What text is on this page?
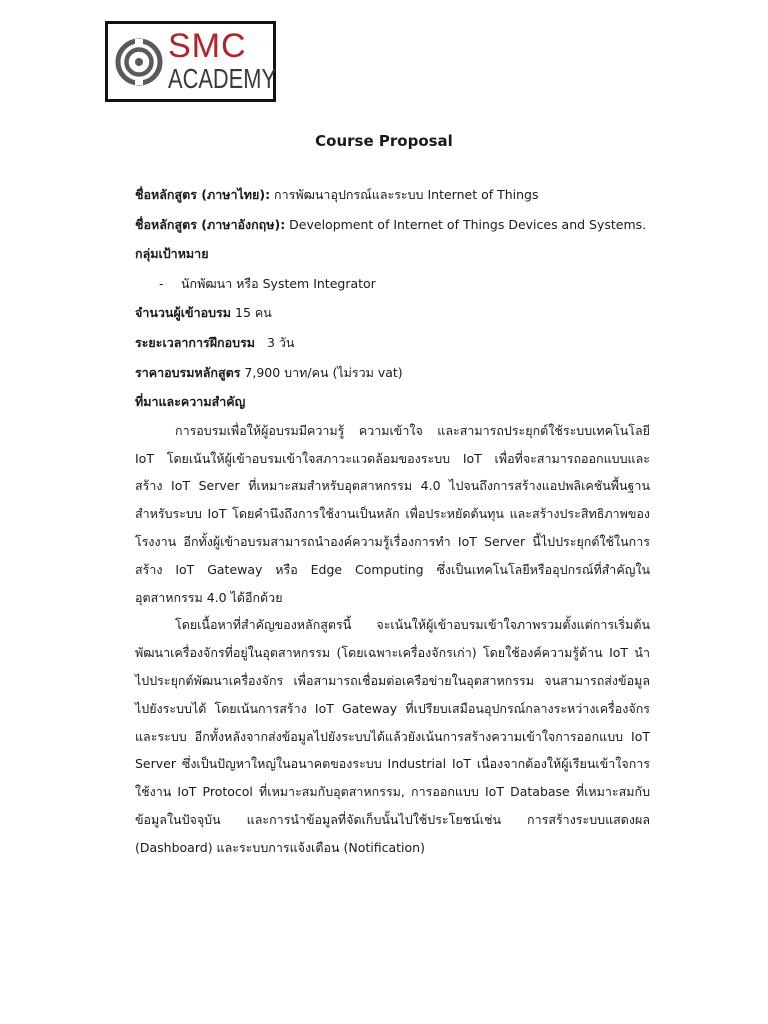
SMC
ACADEMY
Course Proposal

ชื่อหลักสูตร (ภาษาไทย): การพัฒนาอุปกรณ์และระบบ Internet of Things

ชื่อหลักสูตร (ภาษาอังกฤษ): Development of Internet of Things Devices and Systems.

กลุ่มเป้าหมาย

- นักพัฒนา หรือ System Integrator

จำนวนผู้เข้าอบรม 15 คน

ระยะเวลาการฝึกอบรม   3 วัน

ราคาอบรมหลักสูตร 7,900 บาท/คน (ไม่รวม vat)

ที่มาและความสำคัญ

การอบรมเพื่อให้ผู้อบรมมีความรู้ ความเข้าใจ และสามารถประยุกต์ใช้ระบบเทคโนโลยี IoT โดยเน้นให้ผู้เข้าอบรมเข้าใจสภาวะแวดล้อมของระบบ IoT เพื่อที่จะสามารถออกแบบและสร้าง IoT Server ที่เหมาะสมสำหรับอุตสาหกรรม 4.0 ไปจนถึงการสร้างแอปพลิเคชันพื้นฐานสำหรับระบบ IoT โดยคำนึงถึงการใช้งานเป็นหลัก เพื่อประหยัดต้นทุน และสร้างประสิทธิภาพของโรงงาน อีกทั้งผู้เข้าอบรมสามารถนำองค์ความรู้เรื่องการทำ IoT Server นี้ไปประยุกต์ใช้ในการสร้าง IoT Gateway หรือ Edge Computing ซึ่งเป็นเทคโนโลยีหรืออุปกรณ์ที่สำคัญในอุตสาหกรรม 4.0 ได้อีกด้วย

โดยเนื้อหาที่สำคัญของหลักสูตรนี้ จะเน้นให้ผู้เข้าอบรมเข้าใจภาพรวมตั้งแต่การเริ่มต้นพัฒนาเครื่องจักรที่อยู่ในอุตสาหกรรม (โดยเฉพาะเครื่องจักรเก่า) โดยใช้องค์ความรู้ด้าน IoT นำไปประยุกต์พัฒนาเครื่องจักร เพื่อสามารถเชื่อมต่อเครือข่ายในอุตสาหกรรม จนสามารถส่งข้อมูลไปยังระบบได้ โดยเน้นการสร้าง IoT Gateway ที่เปรียบเสมือนอุปกรณ์กลางระหว่างเครื่องจักร และระบบ อีกทั้งหลังจากส่งข้อมูลไปยังระบบได้แล้วยังเน้นการสร้างความเข้าใจการออกแบบ IoT Server ซึ่งเป็นปัญหาใหญ่ในอนาคตของระบบ Industrial IoT เนื่องจากต้องให้ผู้เรียนเข้าใจการใช้งาน IoT Protocol ที่เหมาะสมกับอุตสาหกรรม, การออกแบบ IoT Database ที่เหมาะสมกับข้อมูลในปัจจุบัน และการนำข้อมูลที่จัดเก็บนั้นไปใช้ประโยชน์เช่น การสร้างระบบแสดงผล (Dashboard) และระบบการแจ้งเตือน (Notification)
